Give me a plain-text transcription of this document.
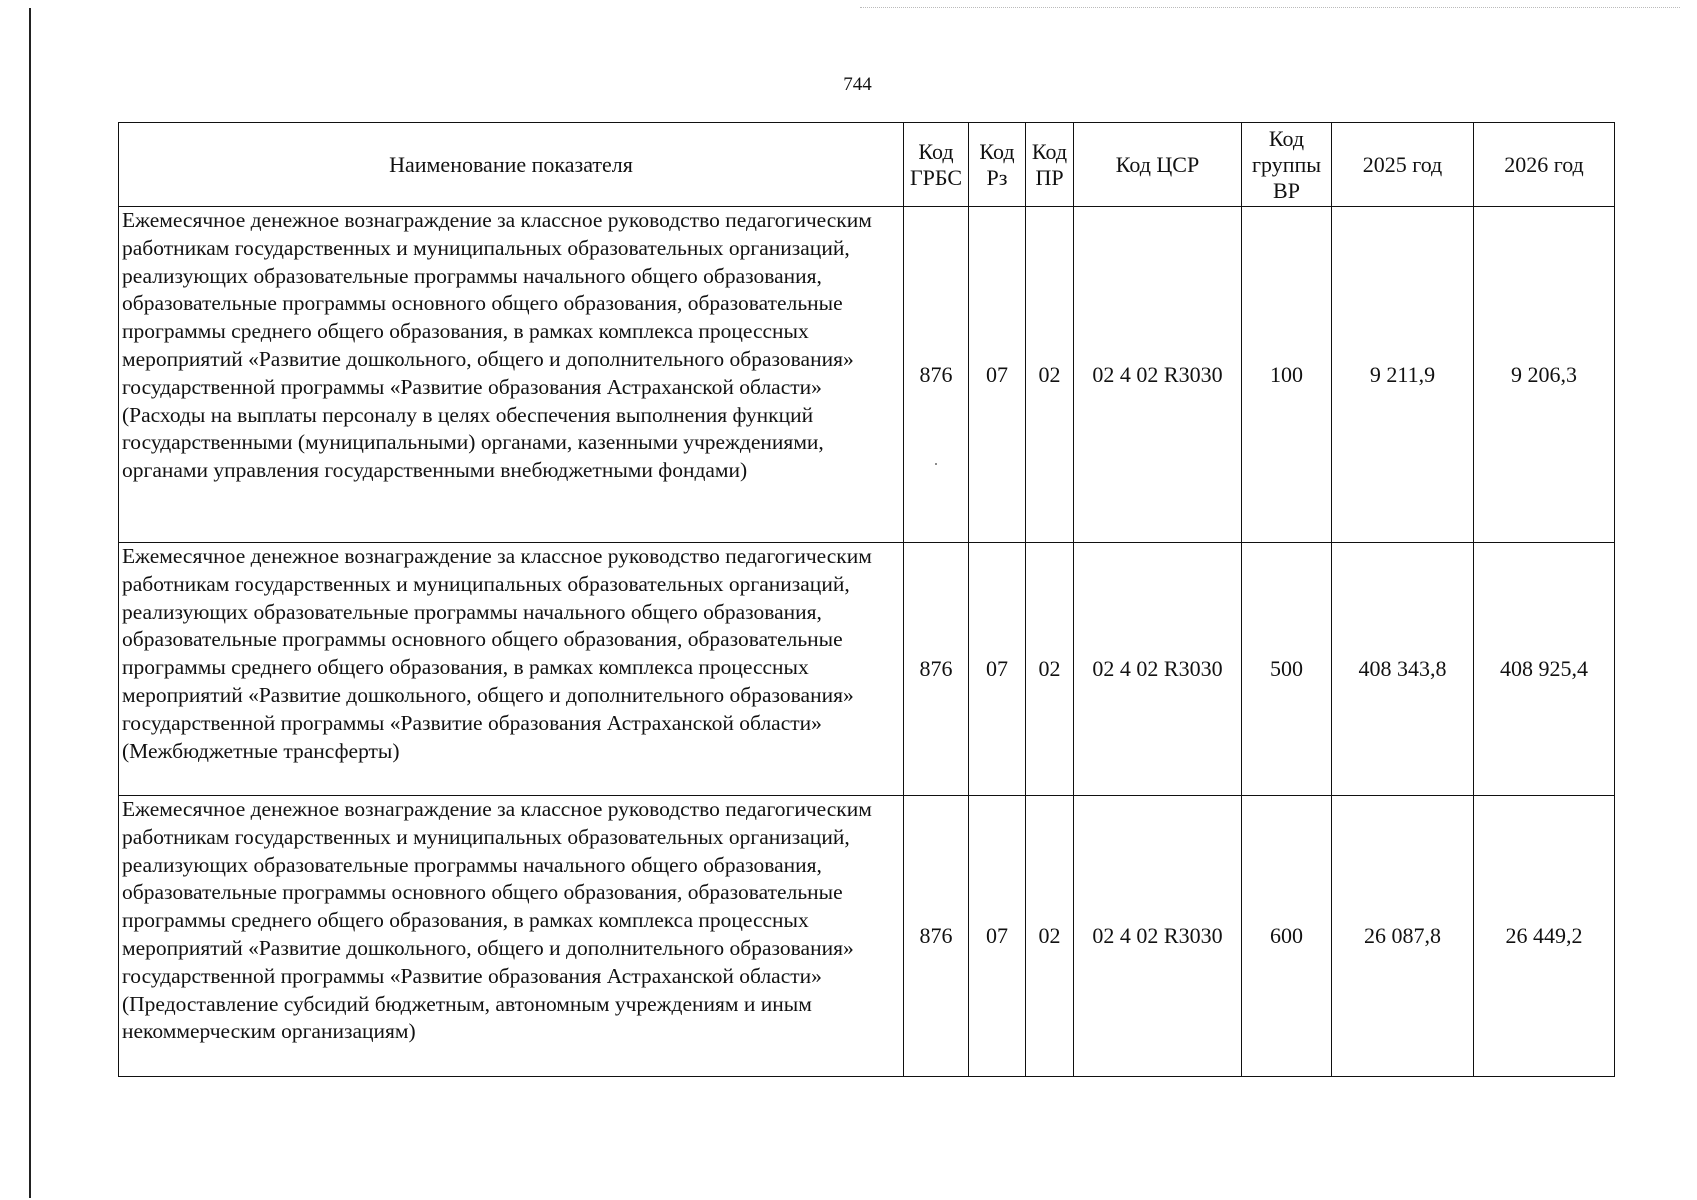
744
Наименование показателя	Код ГРБС	Код Рз	Код ПР	Код ЦСР	Код группы ВР	2025 год	2026 год
Ежемесячное денежное вознаграждение за классное руководство педагогическим работникам государственных и муниципальных образовательных организаций, реализующих образовательные программы начального общего образования, образовательные программы основного общего образования, образовательные программы среднего общего образования, в рамках комплекса процессных мероприятий «Развитие дошкольного, общего и дополнительного образования» государственной программы «Развитие образования Астраханской области» (Расходы на выплаты персоналу в целях обеспечения выполнения функций государственными (муниципальными) органами, казенными учреждениями, органами управления государственными внебюджетными фондами)	876	07	02	02 4 02 R3030	100	9 211,9	9 206,3
Ежемесячное денежное вознаграждение за классное руководство педагогическим работникам государственных и муниципальных образовательных организаций, реализующих образовательные программы начального общего образования, образовательные программы основного общего образования, образовательные программы среднего общего образования, в рамках комплекса процессных мероприятий «Развитие дошкольного, общего и дополнительного образования» государственной программы «Развитие образования Астраханской области» (Межбюджетные трансферты)	876	07	02	02 4 02 R3030	500	408 343,8	408 925,4
Ежемесячное денежное вознаграждение за классное руководство педагогическим работникам государственных и муниципальных образовательных организаций, реализующих образовательные программы начального общего образования, образовательные программы основного общего образования, образовательные программы среднего общего образования, в рамках комплекса процессных мероприятий «Развитие дошкольного, общего и дополнительного образования» государственной программы «Развитие образования Астраханской области» (Предоставление субсидий бюджетным, автономным учреждениям и иным некоммерческим организациям)	876	07	02	02 4 02 R3030	600	26 087,8	26 449,2
